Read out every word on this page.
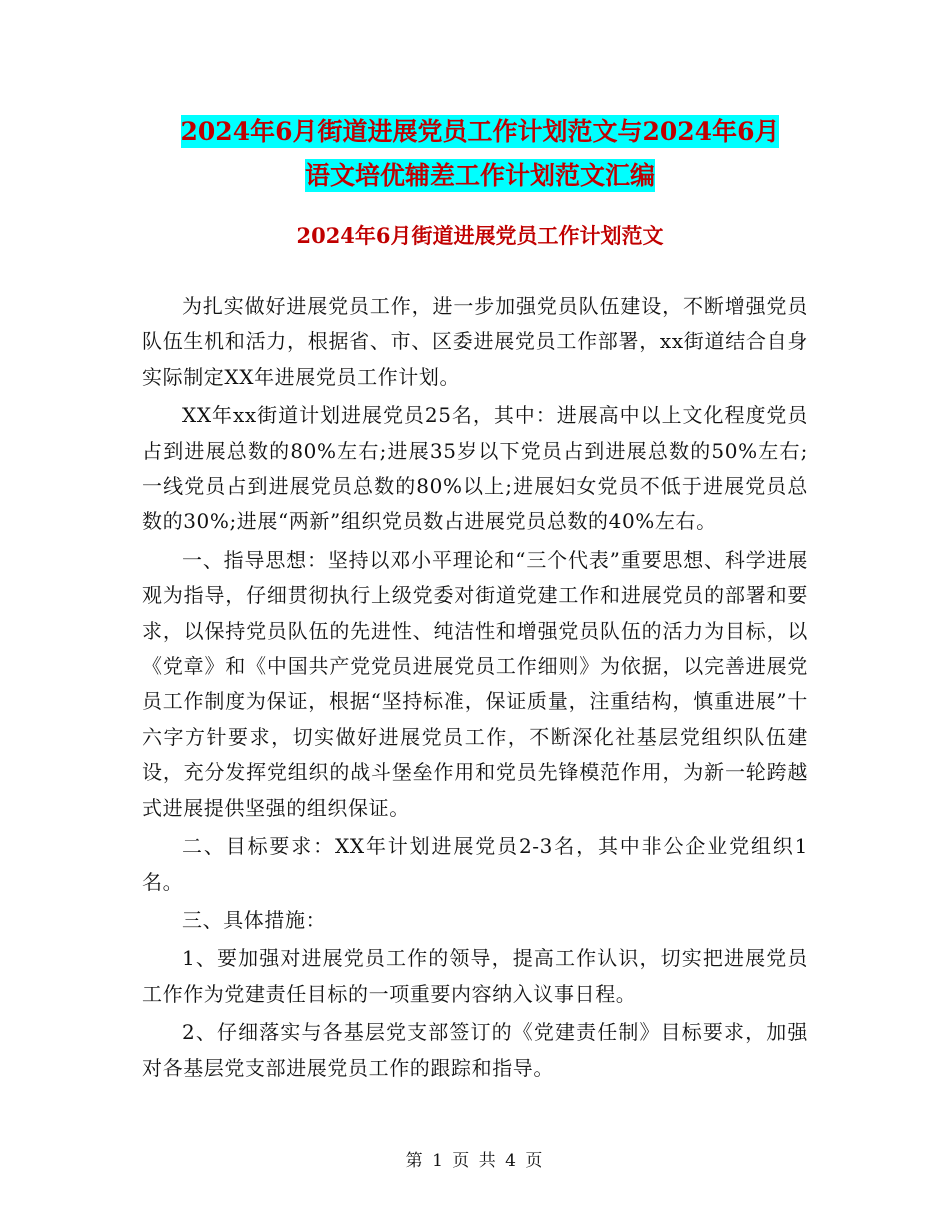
2024年6月街道进展党员工作计划范文与2024年6月
语文培优辅差工作计划范文汇编
2024年6月街道进展党员工作计划范文

为扎实做好进展党员工作，进一步加强党员队伍建设，不断增强党员队伍生机和活力，根据省、市、区委进展党员工作部署，xx街道结合自身实际制定XX年进展党员工作计划。

XX年xx街道计划进展党员25名，其中：进展高中以上文化程度党员占到进展总数的80%左右;进展35岁以下党员占到进展总数的50%左右;一线党员占到进展党员总数的80%以上;进展妇女党员不低于进展党员总数的30%;进展“两新”组织党员数占进展党员总数的40%左右。

一、指导思想：坚持以邓小平理论和“三个代表”重要思想、科学进展观为指导，仔细贯彻执行上级党委对街道党建工作和进展党员的部署和要求，以保持党员队伍的先进性、纯洁性和增强党员队伍的活力为目标，以《党章》和《中国共产党党员进展党员工作细则》为依据，以完善进展党员工作制度为保证，根据“坚持标准，保证质量，注重结构，慎重进展”十六字方针要求，切实做好进展党员工作，不断深化社基层党组织队伍建设，充分发挥党组织的战斗堡垒作用和党员先锋模范作用，为新一轮跨越式进展提供坚强的组织保证。

二、目标要求：XX年计划进展党员2-3名，其中非公企业党组织1名。

三、具体措施：

1、要加强对进展党员工作的领导，提高工作认识，切实把进展党员工作作为党建责任目标的一项重要内容纳入议事日程。

2、仔细落实与各基层党支部签订的《党建责任制》目标要求，加强对各基层党支部进展党员工作的跟踪和指导。

第 1 页 共 4 页
